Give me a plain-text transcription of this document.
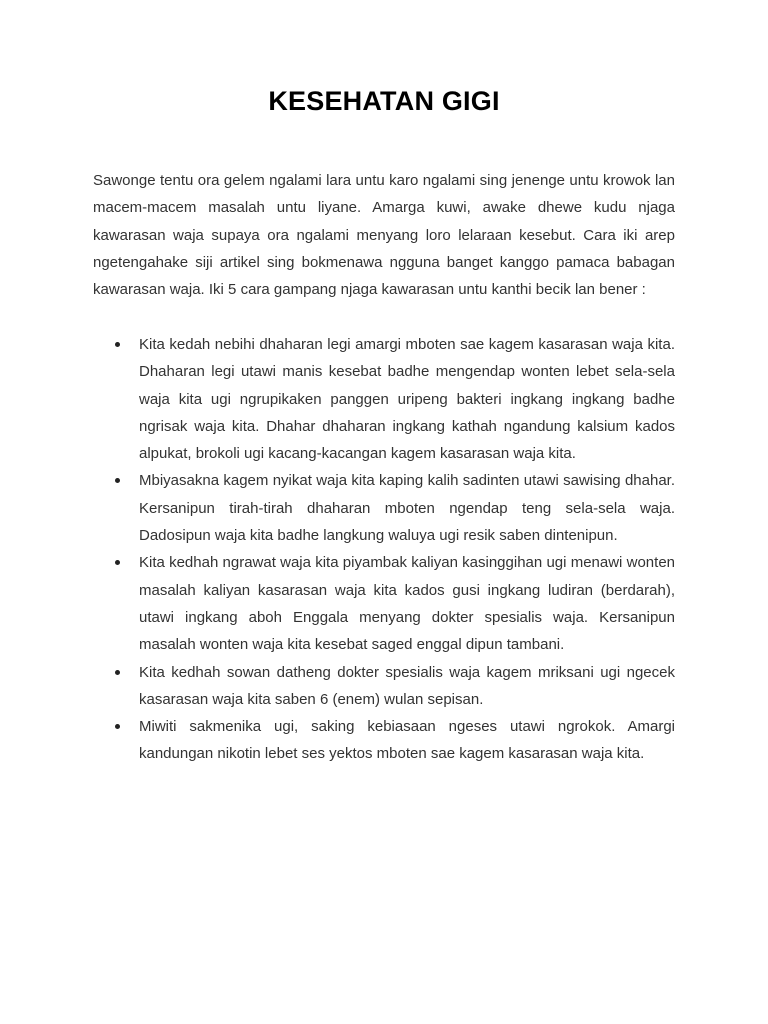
KESEHATAN GIGI

Sawonge tentu ora gelem ngalami lara untu karo ngalami sing jenenge untu krowok lan macem-macem masalah untu liyane. Amarga kuwi, awake dhewe kudu njaga kawarasan waja supaya ora ngalami menyang loro lelaraan kesebut. Cara iki arep ngetengahake siji artikel sing bokmenawa ngguna banget kanggo pamaca babagan kawarasan waja. Iki 5 cara gampang njaga kawarasan untu kanthi becik lan bener :

Kita kedah nebihi dhaharan legi amargi mboten sae kagem kasarasan waja kita. Dhaharan legi utawi manis kesebat badhe mengendap wonten lebet sela-sela waja kita ugi ngrupikaken panggen uripeng bakteri ingkang ingkang badhe ngrisak waja kita. Dhahar dhaharan ingkang kathah ngandung kalsium kados alpukat, brokoli ugi kacang-kacangan kagem kasarasan waja kita.
Mbiyasakna kagem nyikat waja kita kaping kalih sadinten utawi sawising dhahar. Kersanipun tirah-tirah dhaharan mboten ngendap teng sela-sela waja. Dadosipun waja kita badhe langkung waluya ugi resik saben dintenipun.
Kita kedhah ngrawat waja kita piyambak kaliyan kasinggihan ugi menawi wonten masalah kaliyan kasarasan waja kita kados gusi ingkang ludiran (berdarah), utawi ingkang aboh Enggala menyang dokter spesialis waja. Kersanipun masalah wonten waja kita kesebat saged enggal dipun tambani.
Kita kedhah sowan datheng dokter spesialis waja kagem mriksani ugi ngecek kasarasan waja kita saben 6 (enem) wulan sepisan.
Miwiti sakmenika ugi, saking kebiasaan ngeses utawi ngrokok. Amargi kandungan nikotin lebet ses yektos mboten sae kagem kasarasan waja kita.
